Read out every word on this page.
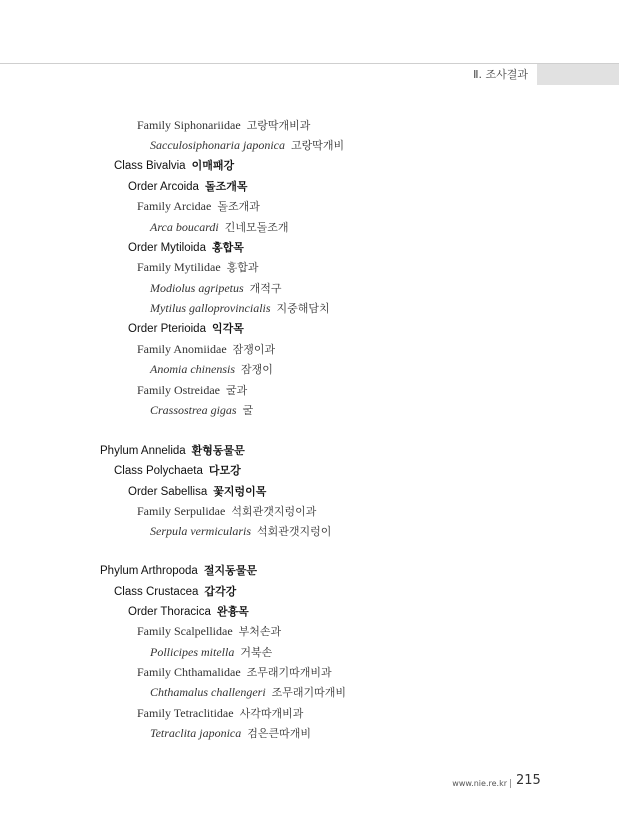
Ⅱ. 조사결과
Family Siphonariidae 고랑딱개비과
Sacculosiphonaria japonica 고랑딱개비
Class Bivalvia 이매패강
Order Arcoida 돌조개목
Family Arcidae 돌조개과
Arca boucardi 긴네모돌조개
Order Mytiloida 홍합목
Family Mytilidae 홍합과
Modiolus agripetus 개적구
Mytilus galloprovincialis 지중해담치
Order Pterioida 익각목
Family Anomiidae 잠쟁이과
Anomia chinensis 잠쟁이
Family Ostreidae 굴과
Crassostrea gigas 굴
Phylum Annelida 환형동물문
Class Polychaeta 다모강
Order Sabellisa 꽃지렁이목
Family Serpulidae 석회관갯지렁이과
Serpula vermicularis 석회관갯지렁이
Phylum Arthropoda 절지동물문
Class Crustacea 갑각강
Order Thoracica 완흉목
Family Scalpellidae 부처손과
Pollicipes mitella 거북손
Family Chthamalidae 조무래기따개비과
Chthamalus challengeri 조무래기따개비
Family Tetraclitidae 사각따개비과
Tetraclita japonica 검은큰따개비
www.nie.re.kr 215
